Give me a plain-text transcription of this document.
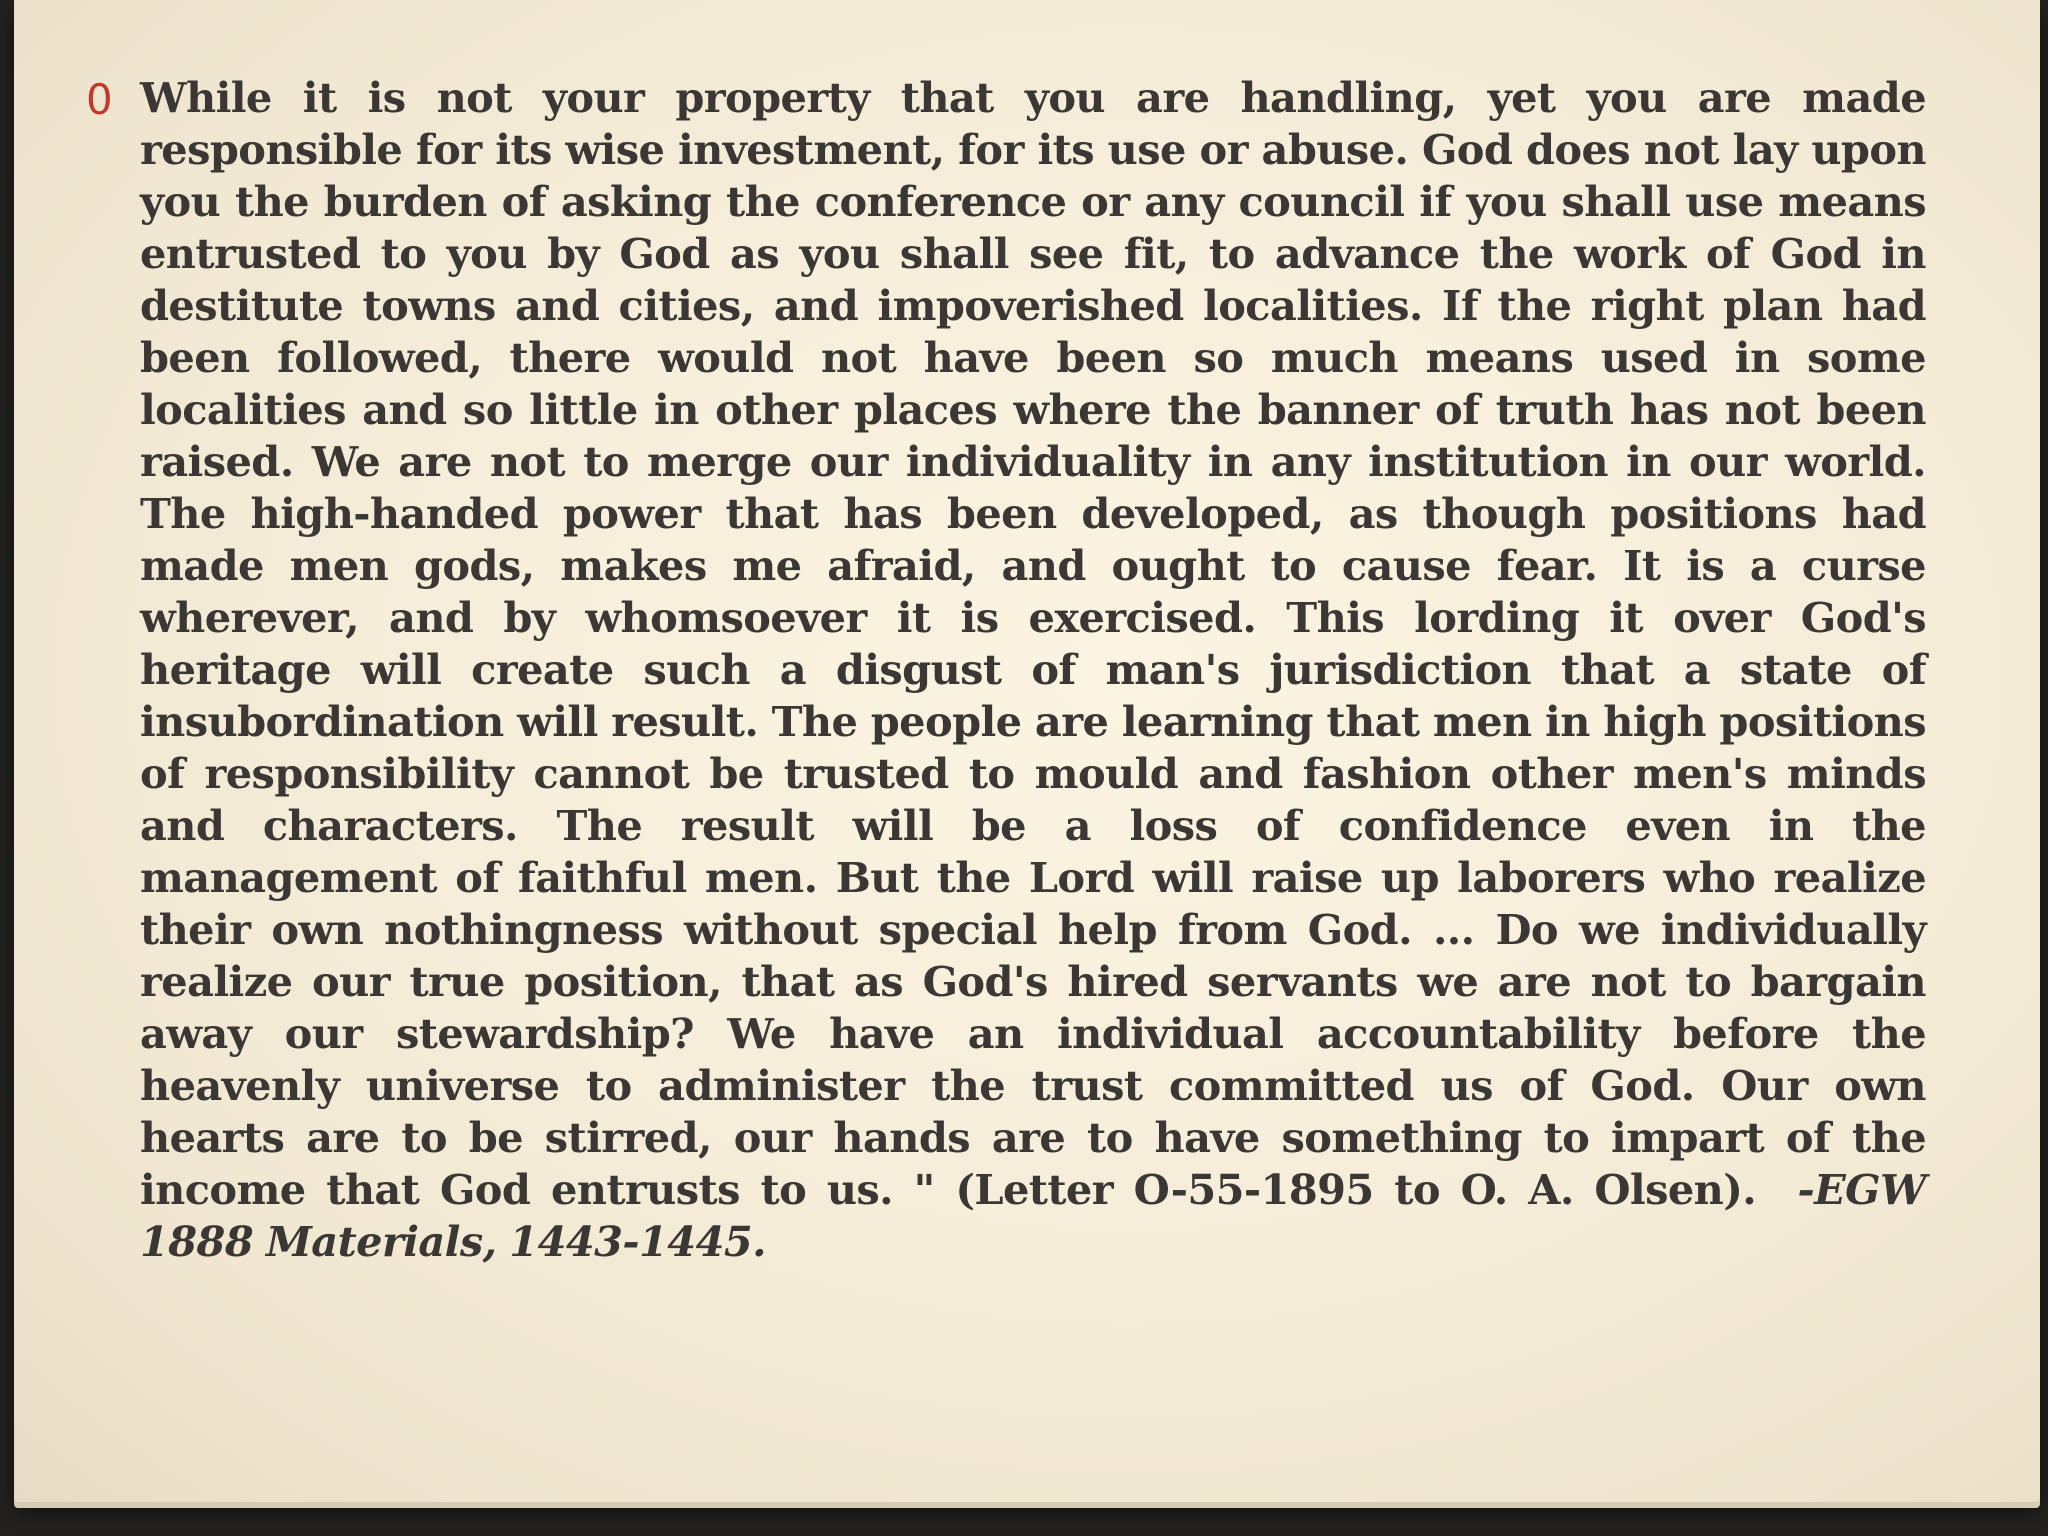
0 While it is not your property that you are handling, yet you are made responsible for its wise investment, for its use or abuse. God does not lay upon you the burden of asking the conference or any council if you shall use means entrusted to you by God as you shall see fit, to advance the work of God in destitute towns and cities, and impoverished localities. If the right plan had been followed, there would not have been so much means used in some localities and so little in other places where the banner of truth has not been raised. We are not to merge our individuality in any institution in our world. The high-handed power that has been developed, as though positions had made men gods, makes me afraid, and ought to cause fear. It is a curse wherever, and by whomsoever it is exercised. This lording it over God's heritage will create such a disgust of man's jurisdiction that a state of insubordination will result. The people are learning that men in high positions of responsibility cannot be trusted to mould and fashion other men's minds and characters. The result will be a loss of confidence even in the management of faithful men. But the Lord will raise up laborers who realize their own nothingness without special help from God. ... Do we individually realize our true position, that as God's hired servants we are not to bargain away our stewardship? We have an individual accountability before the heavenly universe to administer the trust committed us of God. Our own hearts are to be stirred, our hands are to have something to impart of the income that God entrusts to us. " (Letter O-55-1895 to O. A. Olsen). -EGW 1888 Materials, 1443-1445.
